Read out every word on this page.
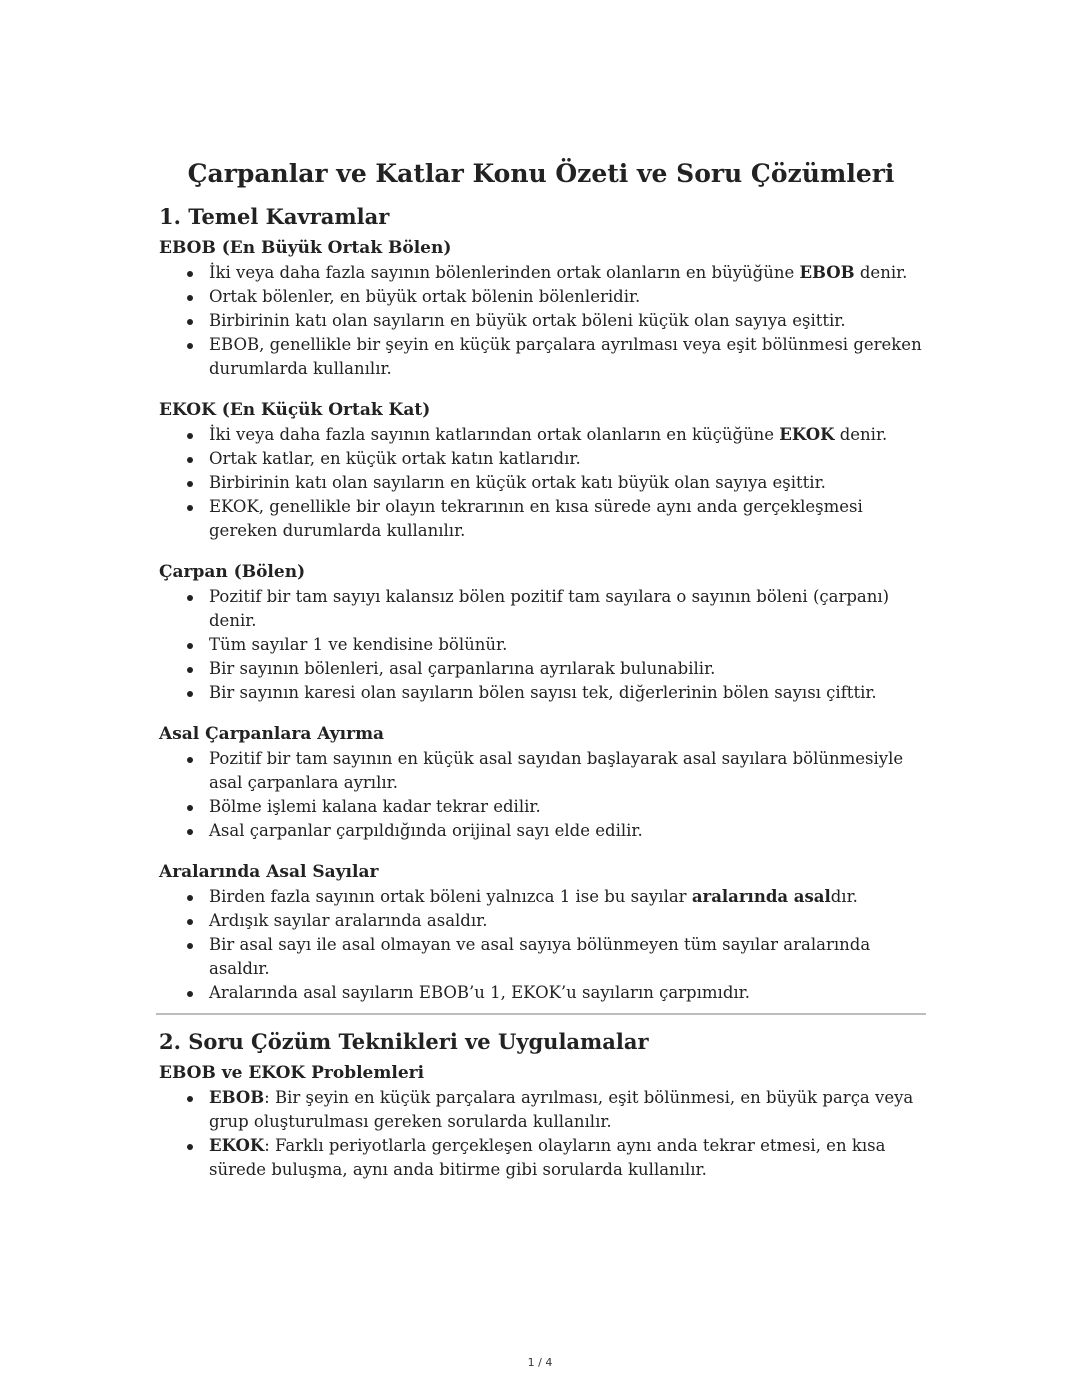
Çarpanlar ve Katlar Konu Özeti ve Soru Çözümleri
1. Temel Kavramlar
EBOB (En Büyük Ortak Bölen)
İki veya daha fazla sayının bölenlerinden ortak olanların en büyüğüne EBOB denir.
Ortak bölenler, en büyük ortak bölenin bölenleridir.
Birbirinin katı olan sayıların en büyük ortak böleni küçük olan sayıya eşittir.
EBOB, genellikle bir şeyin en küçük parçalara ayrılması veya eşit bölünmesi gereken durumlarda kullanılır.
EKOK (En Küçük Ortak Kat)
İki veya daha fazla sayının katlarından ortak olanların en küçüğüne EKOK denir.
Ortak katlar, en küçük ortak katın katlarıdır.
Birbirinin katı olan sayıların en küçük ortak katı büyük olan sayıya eşittir.
EKOK, genellikle bir olayın tekrarının en kısa sürede aynı anda gerçekleşmesi gereken durumlarda kullanılır.
Çarpan (Bölen)
Pozitif bir tam sayıyı kalansız bölen pozitif tam sayılara o sayının böleni (çarpanı) denir.
Tüm sayılar 1 ve kendisine bölünür.
Bir sayının bölenleri, asal çarpanlarına ayrılarak bulunabilir.
Bir sayının karesi olan sayıların bölen sayısı tek, diğerlerinin bölen sayısı çifttir.
Asal Çarpanlara Ayırma
Pozitif bir tam sayının en küçük asal sayıdan başlayarak asal sayılara bölünmesiyle asal çarpanlara ayrılır.
Bölme işlemi kalana kadar tekrar edilir.
Asal çarpanlar çarpıldığında orijinal sayı elde edilir.
Aralarında Asal Sayılar
Birden fazla sayının ortak böleni yalnızca 1 ise bu sayılar aralarında asaldır.
Ardışık sayılar aralarında asaldır.
Bir asal sayı ile asal olmayan ve asal sayıya bölünmeyen tüm sayılar aralarında asaldır.
Aralarında asal sayıların EBOB’u 1, EKOK’u sayıların çarpımıdır.
2. Soru Çözüm Teknikleri ve Uygulamalar
EBOB ve EKOK Problemleri
EBOB: Bir şeyin en küçük parçalara ayrılması, eşit bölünmesi, en büyük parça veya grup oluşturulması gereken sorularda kullanılır.
EKOK: Farklı periyotlarla gerçekleşen olayların aynı anda tekrar etmesi, en kısa sürede buluşma, aynı anda bitirme gibi sorularda kullanılır.
1 / 4
